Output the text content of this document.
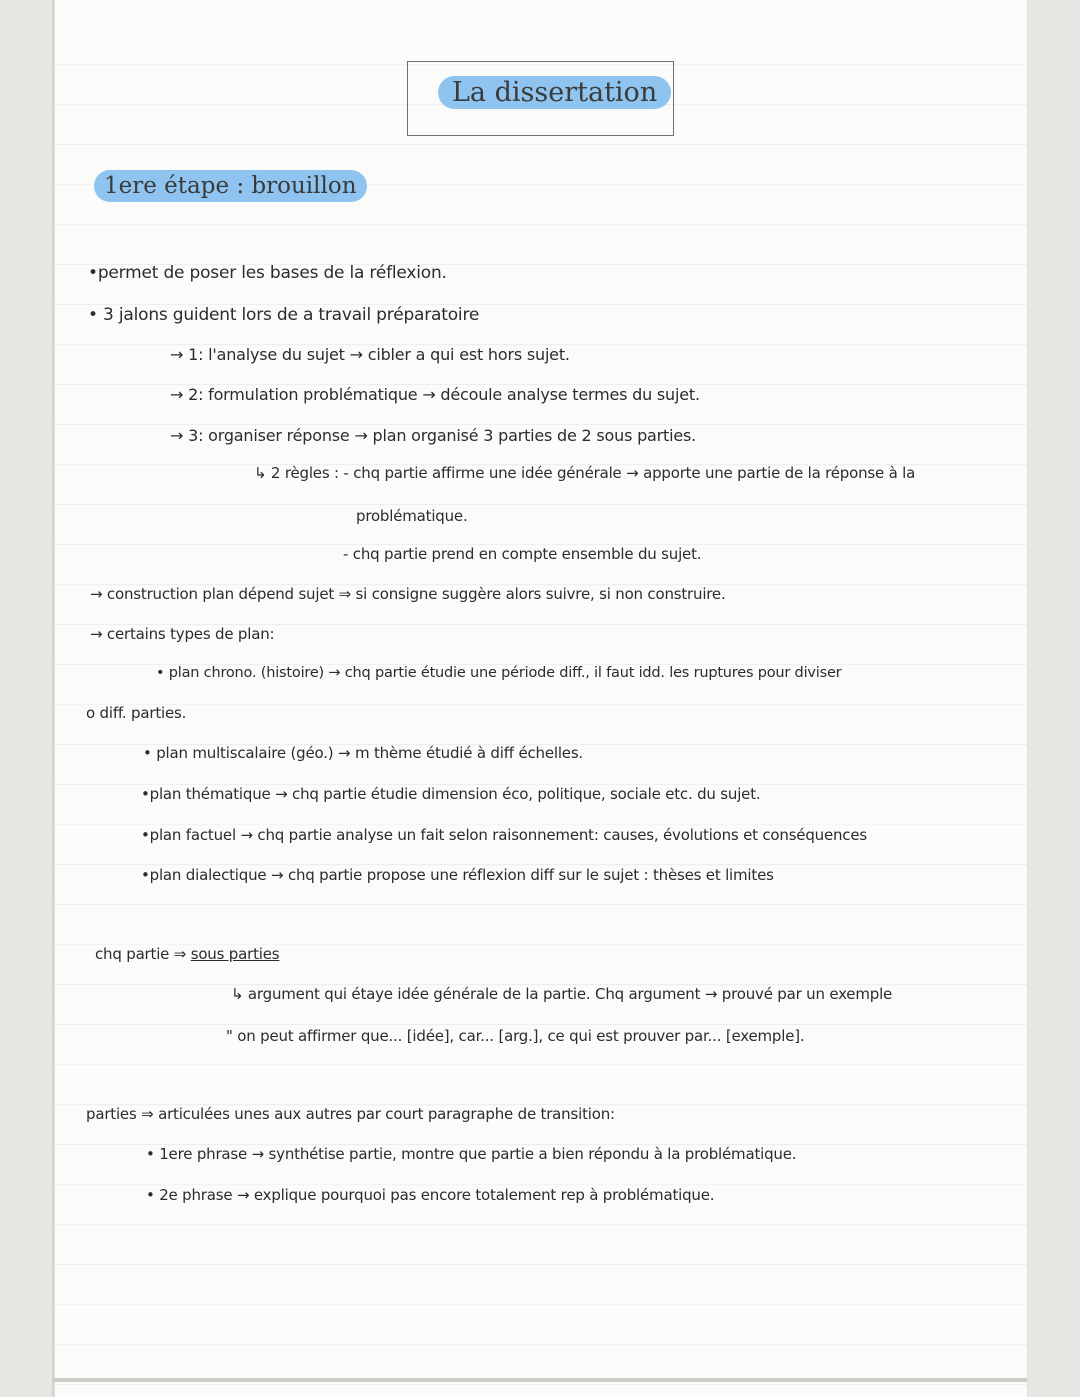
La dissertation
1ere étape : brouillon
•permet de poser les bases de la réflexion.
• 3 jalons guident lors de a travail préparatoire
→ 1: l'analyse du sujet → cibler a qui est hors sujet.
→ 2: formulation problématique → découle analyse termes du sujet.
→ 3: organiser réponse → plan organisé 3 parties de 2 sous parties.
↳ 2 règles : - chq partie affirme une idée générale → apporte une partie de la réponse à la
problématique.
- chq partie prend en compte ensemble du sujet.
→ construction plan dépend sujet ⇒ si consigne suggère alors suivre, si non construire.
→ certains types de plan:
• plan chrono. (histoire) → chq partie étudie une période diff., il faut idd. les ruptures pour diviser
o diff. parties.
• plan multiscalaire (géo.) → m thème étudié à diff échelles.
•plan thématique → chq partie étudie dimension éco, politique, sociale etc. du sujet.
•plan factuel → chq partie analyse un fait selon raisonnement: causes, évolutions et conséquences
•plan dialectique → chq partie propose une réflexion diff sur le sujet : thèses et limites
chq partie ⇒ sous parties
↳ argument qui étaye idée générale de la partie. Chq argument → prouvé par un exemple
" on peut affirmer que... [idée], car... [arg.], ce qui est prouver par... [exemple].
parties ⇒ articulées unes aux autres par court paragraphe de transition:
• 1ere phrase → synthétise partie, montre que partie a bien répondu à la problématique.
• 2e phrase → explique pourquoi pas encore totalement rep à problématique.
